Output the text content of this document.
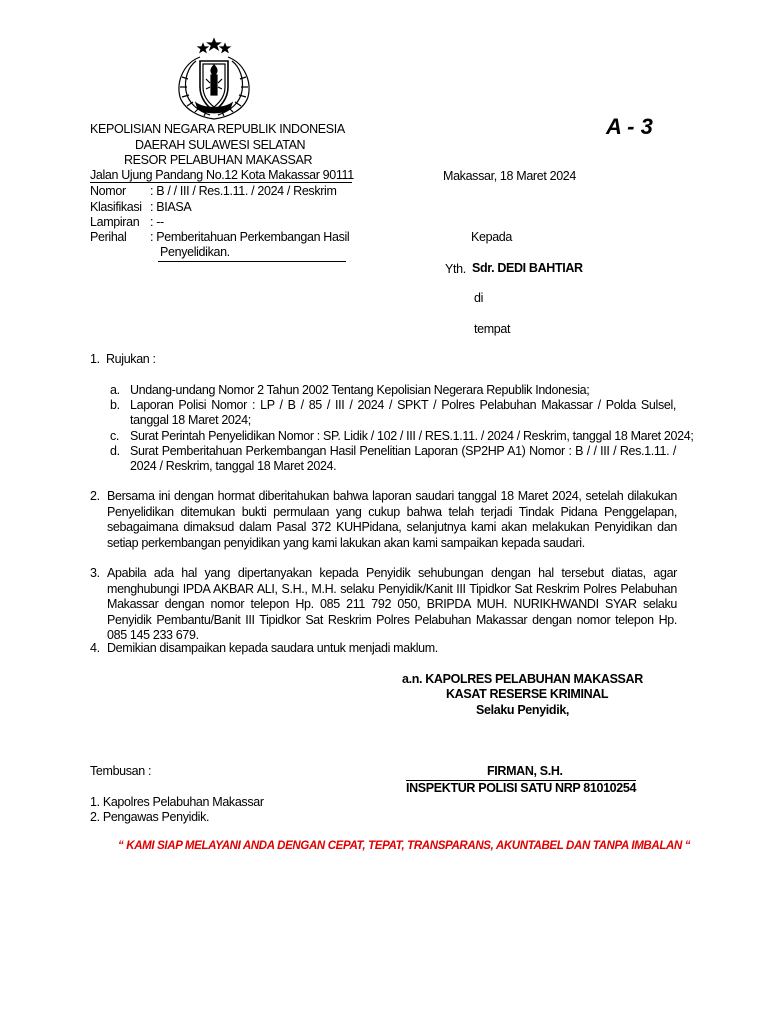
A - 3
KEPOLISIAN NEGARA REPUBLIK INDONESIA
DAERAH SULAWESI SELATAN
RESOR PELABUHAN MAKASSAR
Jalan Ujung Pandang No.12 Kota Makassar 90111	Makassar, 18 Maret 2024
Nomor : B / / III / Res.1.11. / 2024 / Reskrim
Klasifikasi : BIASA
Lampiran : --
Perihal : Pemberitahuan Perkembangan Hasil
Penyelidikan.
Kepada
Yth. Sdr. DEDI BAHTIAR
di
tempat
1. Rujukan :
a. Undang-undang Nomor 2 Tahun 2002 Tentang Kepolisian Negerara Republik Indonesia;
b. Laporan Polisi Nomor : LP / B / 85 / III / 2024 / SPKT / Polres Pelabuhan Makassar / Polda Sulsel, tanggal 18 Maret 2024;
c. Surat Perintah Penyelidikan Nomor : SP. Lidik / 102 / III / RES.1.11. / 2024 / Reskrim, tanggal 18 Maret 2024;
d. Surat Pemberitahuan Perkembangan Hasil Penelitian Laporan (SP2HP A1) Nomor : B / / III / Res.1.11. / 2024 / Reskrim, tanggal 18 Maret 2024.
2. Bersama ini dengan hormat diberitahukan bahwa laporan saudari tanggal 18 Maret 2024, setelah dilakukan Penyelidikan ditemukan bukti permulaan yang cukup bahwa telah terjadi Tindak Pidana Penggelapan, sebagaimana dimaksud dalam Pasal 372 KUHPidana, selanjutnya kami akan melakukan Penyidikan dan setiap perkembangan penyidikan yang kami lakukan akan kami sampaikan kepada saudari.
3. Apabila ada hal yang dipertanyakan kepada Penyidik sehubungan dengan hal tersebut diatas, agar menghubungi IPDA AKBAR ALI, S.H., M.H. selaku Penyidik/Kanit III Tipidkor Sat Reskrim Polres Pelabuhan Makassar dengan nomor telepon Hp. 085 211 792 050, BRIPDA MUH. NURIKHWANDI SYAR selaku Penyidik Pembantu/Banit III Tipidkor Sat Reskrim Polres Pelabuhan Makassar dengan nomor telepon Hp. 085 145 233 679.
4. Demikian disampaikan kepada saudara untuk menjadi maklum.
a.n. KAPOLRES PELABUHAN MAKASSAR
KASAT RESERSE KRIMINAL
Selaku Penyidik,
FIRMAN, S.H.
INSPEKTUR POLISI SATU NRP 81010254
Tembusan :
1. Kapolres Pelabuhan Makassar
2. Pengawas Penyidik.
“ KAMI SIAP MELAYANI ANDA DENGAN CEPAT, TEPAT, TRANSPARANS, AKUNTABEL DAN TANPA IMBALAN “
